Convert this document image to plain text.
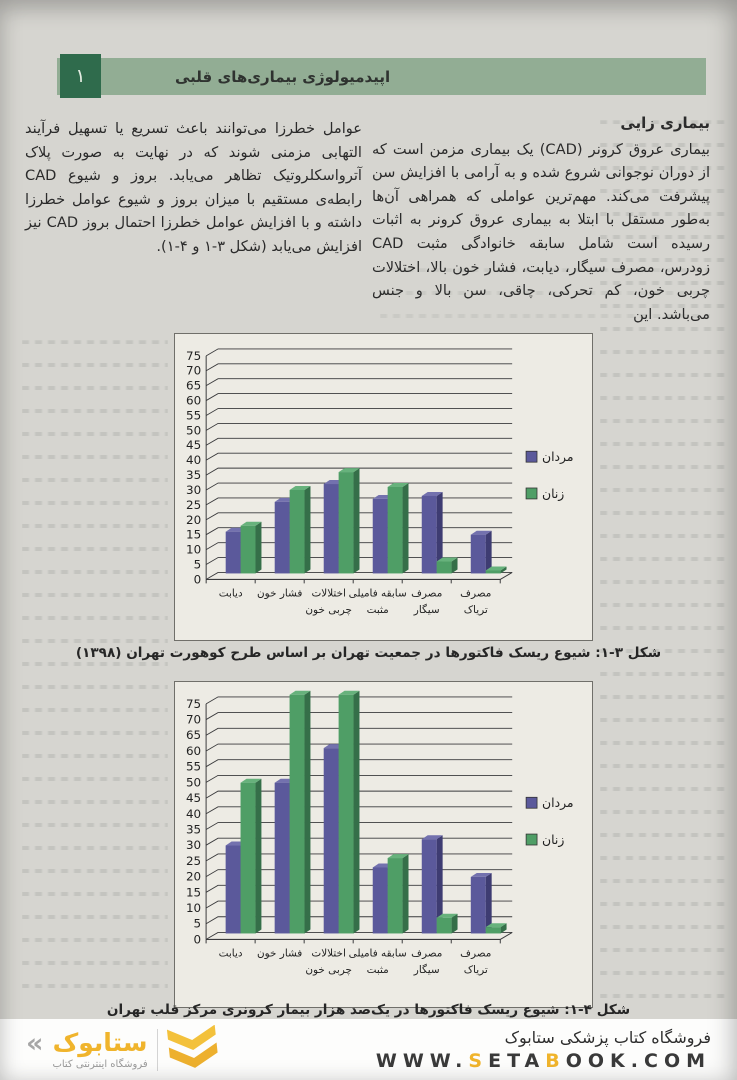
۱	اپیدمیولوژی بیماری‌های قلبی
بیماری زایی

بیماری عروق کرونر (CAD) یک بیماری مزمن است که از دوران نوجوانی شروع شده و به آرامی با افزایش سن پیشرفت می‌کند. مهم‌ترین عواملی که همراهی آن‌ها به‌طور مستقل با ابتلا به بیماری عروق کرونر به اثبات رسیده است شامل سابقه خانوادگی مثبت CAD زودرس، مصرف سیگار، دیابت، فشار خون بالا، اختلالات چربی خون، کم تحرکی، چاقی، سن بالا و جنس می‌باشد. این

عوامل خطرزا می‌توانند باعث تسریع یا تسهیل فرآیند التهابی مزمنی شوند که در نهایت به صورت پلاک آترواسکلروتیک تظاهر می‌یابد. بروز و شیوع CAD رابطه‌ی مستقیم با میزان بروز و شیوع عوامل خطرزا داشته و با افزایش عوامل خطرزا احتمال بروز CAD نیز افزایش می‌یابد (شکل ۳-۱ و ۴-۱).

0
5
10
15
20
25
30
35
40
45
50
55
60
65
70
75
دیابت فشار خون اختلالات
چربی خون
سابقه فامیلی
مثبت
مصرف
سیگار
مصرف
تریاک
مردان
زنان
شکل ۳-۱: شیوع ریسک فاکتورها در جمعیت تهران بر اساس طرح کوهورت تهران (۱۳۹۸)
0
5
10
15
20
25
30
35
40
45
50
55
60
65
70
75
دیابت فشار خون اختلالات
چربی خون
سابقه فامیلی
مثبت
مصرف
سیگار
مصرف
تریاک
مردان
زنان
شکل ۴-۱: شیوع ریسک فاکتورها در یک‌صد هزار بیمار کرونری مرکز قلب تهران
« ستابوک
فروشگاه اینترنتی کتاب
فروشگاه کتاب پزشکی ستابوک
WWW.SETABOOK.COM
